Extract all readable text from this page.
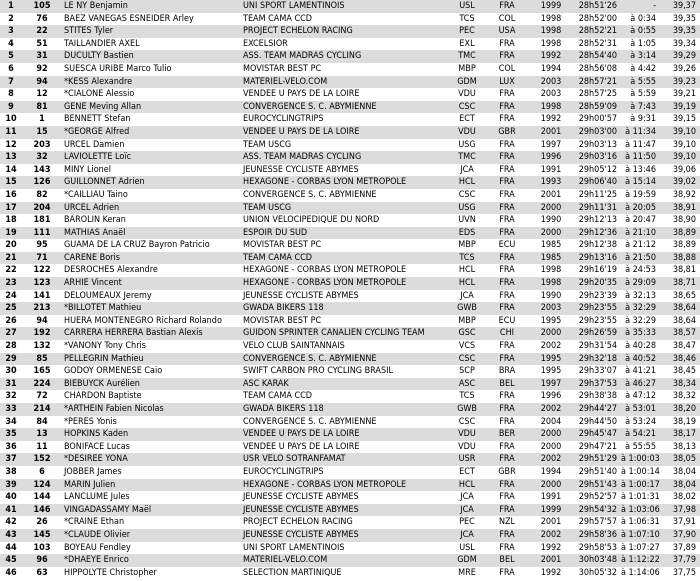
1	105	LE NY Benjamin	UNI SPORT LAMENTINOIS	USL	FRA	1999	28h51'26	-	39,37
2	76	BAEZ VANEGAS ESNEIDER Arley	TEAM CAMA CCD	TCS	COL	1998	28h52'00	à 0:34	39,35
3	22	STITES Tyler	PROJECT ECHELON RACING	PEC	USA	1998	28h52'21	à 0:55	39,35
4	51	TAILLANDIER AXEL	EXCELSIOR	EXL	FRA	1998	28h52'31	à 1:05	39,34
5	31	DUCULTY Bastien	ASS. TEAM MADRAS CYCLING	TMC	FRA	1992	28h54'40	à 3:14	39,29
6	92	SUESCA URIBE Marco Tulio	MOVISTAR BEST PC	MBP	COL	1994	28h56'08	à 4:42	39,26
7	94	*KESS Alexandre	MATERIEL-VELO.COM	GDM	LUX	2003	28h57'21	à 5:55	39,23
8	12	*CIALONE Alessio	VENDEE U PAYS DE LA LOIRE	VDU	FRA	2003	28h57'25	à 5:59	39,21
9	81	GENE Meving Allan	CONVERGENCE S. C. ABYMIENNE	CSC	FRA	1998	28h59'09	à 7:43	39,19
10	1	BENNETT Stefan	EUROCYCLINGTRIPS	ECT	FRA	1992	29h00'57	à 9:31	39,15
11	15	*GEORGE Alfred	VENDEE U PAYS DE LA LOIRE	VDU	GBR	2001	29h03'00	à 11:34	39,10
12	203	URCEL Damien	TEAM USCG	USG	FRA	1997	29h03'13	à 11:47	39,10
13	32	LAVIOLETTE Loïc	ASS. TEAM MADRAS CYCLING	TMC	FRA	1996	29h03'16	à 11:50	39,10
14	143	MINY Lionel	JEUNESSE CYCLISTE ABYMES	JCA	FRA	1991	29h05'12	à 13:46	39,06
15	126	GUILLONNET Adrien	HEXAGONE - CORBAS LYON METROPOLE	HCL	FRA	1993	29h06'40	à 15:14	39,02
16	82	*CAILLIAU Taino	CONVERGENCE S. C. ABYMIENNE	CSC	FRA	2001	29h11'25	à 19:59	38,92
17	204	URCEL Adrien	TEAM USCG	USG	FRA	2000	29h11'31	à 20:05	38,91
18	181	BAROLIN Keran	UNION VELOCIPEDIQUE DU NORD	UVN	FRA	1990	29h12'13	à 20:47	38,90
19	111	MATHIAS Anaël	ESPOIR DU SUD	EDS	FRA	2000	29h12'36	à 21:10	38,89
20	95	GUAMA DE LA CRUZ Bayron Patricio	MOVISTAR BEST PC	MBP	ECU	1985	29h12'38	à 21:12	38,89
21	71	CARENE Boris	TEAM CAMA CCD	TCS	FRA	1985	29h13'16	à 21:50	38,88
22	122	DESROCHES Alexandre	HEXAGONE - CORBAS LYON METROPOLE	HCL	FRA	1998	29h16'19	à 24:53	38,81
23	123	ARHIE Vincent	HEXAGONE - CORBAS LYON METROPOLE	HCL	FRA	1998	29h20'35	à 29:09	38,71
24	141	DELOUMEAUX Jeremy	JEUNESSE CYCLISTE ABYMES	JCA	FRA	1990	29h23'39	à 32:13	38,65
25	213	*BILLOTET Mathieu	GWADA BIKERS 118	GWB	FRA	2003	29h23'55	à 32:29	38,64
26	94	HUERA MONTENEGRO Richard Rolando	MOVISTAR BEST PC	MBP	ECU	1995	29h23'55	à 32:29	38,64
27	192	CARRERA HERRERA Bastian Alexis	GUIDON SPRINTER CANALIEN CYCLING TEAM	GSC	CHI	2000	29h26'59	à 35:33	38,57
28	132	*VANONY Tony Chris	VELO CLUB SAINTANNAIS	VCS	FRA	2002	29h31'54	à 40:28	38,47
29	85	PELLEGRIN Mathieu	CONVERGENCE S. C. ABYMIENNE	CSC	FRA	1995	29h32'18	à 40:52	38,46
30	165	GODOY ORMENESE Caio	SWIFT CARBON PRO CYCLING BRASIL	SCP	BRA	1995	29h33'07	à 41:21	38,45
31	224	BIEBUYCK Aurélien	ASC KARAK	ASC	BEL	1997	29h37'53	à 46:27	38,34
32	72	CHARDON Baptiste	TEAM CAMA CCD	TCS	FRA	1996	29h38'38	à 47:12	38,32
33	214	*ARTHEIN Fabien Nicolas	GWADA BIKERS 118	GWB	FRA	2002	29h44'27	à 53:01	38,20
34	84	*PERES Yonis	CONVERGENCE S. C. ABYMIENNE	CSC	FRA	2004	29h44'50	à 53:24	38,19
35	13	HOPKINS Kaden	VENDEE U PAYS DE LA LOIRE	VDU	BER	2000	29h45'47	à 54:21	38,17
36	11	BONIFACE Lucas	VENDEE U PAYS DE LA LOIRE	VDU	FRA	2000	29h47'21	à 55:55	38,13
37	152	*DESIREE YONA	USR VELO SOTRANFAMAT	USR	FRA	2002	29h51'29	à 1:00:03	38,05
38	6	JOBBER James	EUROCYCLINGTRIPS	ECT	GBR	1994	29h51'40	à 1:00:14	38,04
39	124	MARIN Julien	HEXAGONE - CORBAS LYON METROPOLE	HCL	FRA	2000	29h51'43	à 1:00:17	38,04
40	144	LANCLUME Jules	JEUNESSE CYCLISTE ABYMES	JCA	FRA	1991	29h52'57	à 1:01:31	38,02
41	146	VINGADASSAMY Maël	JEUNESSE CYCLISTE ABYMES	JCA	FRA	1999	29h54'32	à 1:03:06	37,98
42	26	*CRAINE Ethan	PROJECT ECHELON RACING	PEC	NZL	2001	29h57'57	à 1:06:31	37,91
43	145	*CLAUDE Olivier	JEUNESSE CYCLISTE ABYMES	JCA	FRA	2002	29h58'36	à 1:07:10	37,90
44	103	BOYEAU Fendley	UNI SPORT LAMENTINOIS	USL	FRA	1992	29h58'53	à 1:07:27	37,89
45	96	*DHAEYE Enrico	MATERIEL-VELO.COM	GDM	BEL	2001	30h03'48	à 1:12:22	37,79
46	63	HIPPOLYTE Christopher	SELECTION MARTINIQUE	MRE	FRA	1992	30h05'32	à 1:14:06	37,75
